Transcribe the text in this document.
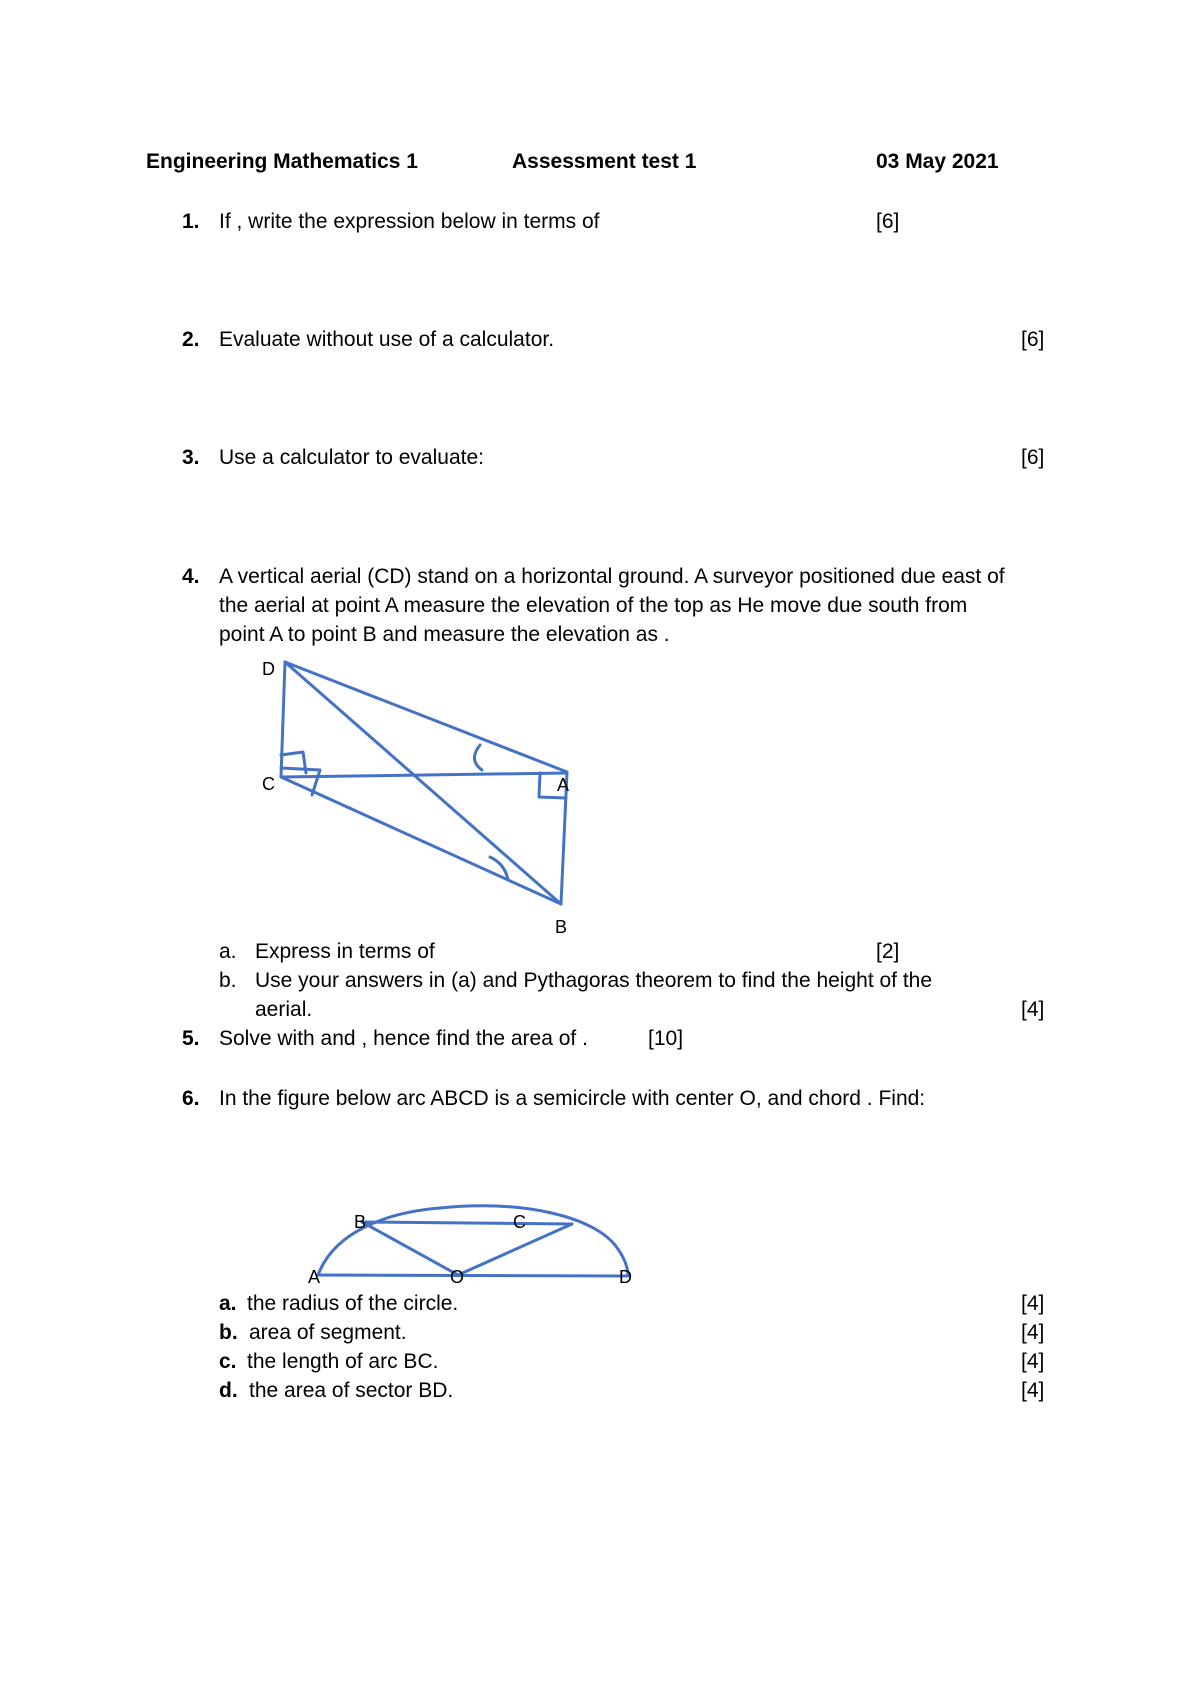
Engineering Mathematics 1	Assessment test 1	03 May 2021
1. If , write the expression below in terms of	[6]
2. Evaluate without use of a calculator.	[6]
3. Use a calculator to evaluate:	[6]
4. A vertical aerial (CD) stand on a horizontal ground. A surveyor positioned due east of
the aerial at point A measure the elevation of the top as He move due south from
point A to point B and measure the elevation as .
D
C	A
B
B	C
A	O	D
a. Express in terms of	[2]
b. Use your answers in (a) and Pythagoras theorem to find the height of the
aerial.	[4]
5. Solve with and , hence find the area of .	[10]
6. In the figure below arc ABCD is a semicircle with center O, and chord . Find:
a. the radius of the circle.	[4]
b. area of segment.	[4]
c. the length of arc BC.	[4]
d. the area of sector BD.	[4]
